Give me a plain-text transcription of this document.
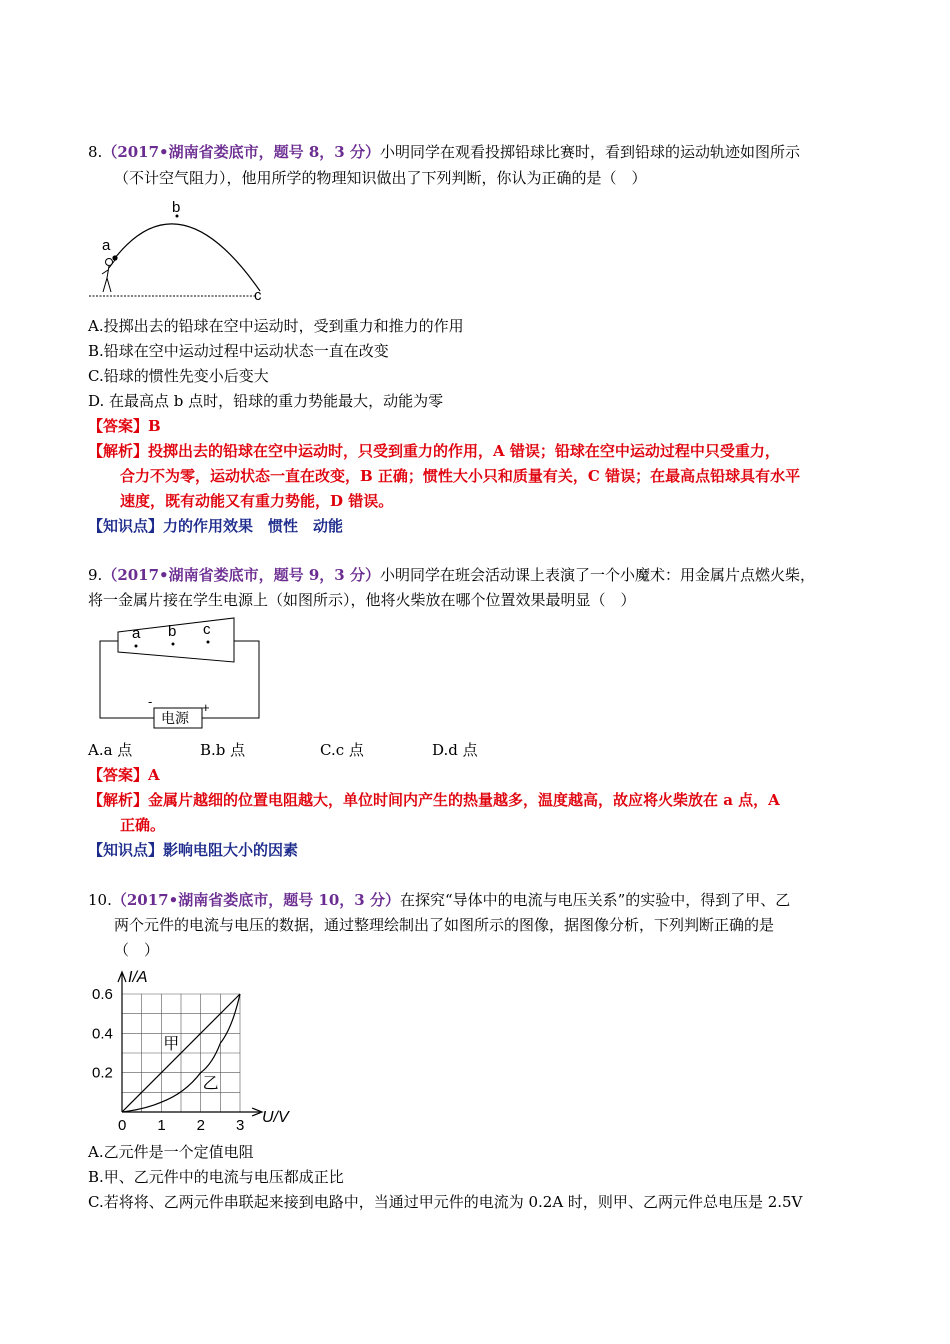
8.（2017•湖南省娄底市，题号 8，3 分）小明同学在观看投掷铅球比赛时，看到铅球的运动轨迹如图所示
（不计空气阻力），他用所学的物理知识做出了下列判断，你认为正确的是（　）
b
a
c
A.投掷出去的铅球在空中运动时，受到重力和推力的作用
B.铅球在空中运动过程中运动状态一直在改变
C.铅球的惯性先变小后变大
D. 在最高点 b 点时，铅球的重力势能最大，动能为零
【答案】B
【解析】投掷出去的铅球在空中运动时，只受到重力的作用，A 错误；铅球在空中运动过程中只受重力，
合力不为零，运动状态一直在改变，B 正确；惯性大小只和质量有关，C 错误；在最高点铅球具有水平
速度，既有动能又有重力势能，D 错误。
【知识点】力的作用效果　惯性　动能
9.（2017•湖南省娄底市，题号 9，3 分）小明同学在班会活动课上表演了一个小魔术：用金属片点燃火柴，
将一金属片接在学生电源上（如图所示），他将火柴放在哪个位置效果最明显（　）
a b c
-	+
电源
A.a 点	B.b 点	C.c 点	D.d 点
【答案】A
【解析】金属片越细的位置电阻越大，单位时间内产生的热量越多，温度越高，故应将火柴放在 a 点，A
正确。
【知识点】影响电阻大小的因素
10.（2017•湖南省娄底市，题号 10，3 分）在探究“导体中的电流与电压关系”的实验中，得到了甲、乙
两个元件的电流与电压的数据，通过整理绘制出了如图所示的图像，据图像分析，下列判断正确的是
（　）
0 1 2 3
0.2
0.4
0.6
I/A
U/V
甲
乙
A.乙元件是一个定值电阻
B.甲、乙元件中的电流与电压都成正比
C.若将将、乙两元件串联起来接到电路中，当通过甲元件的电流为 0.2A 时，则甲、乙两元件总电压是 2.5V
